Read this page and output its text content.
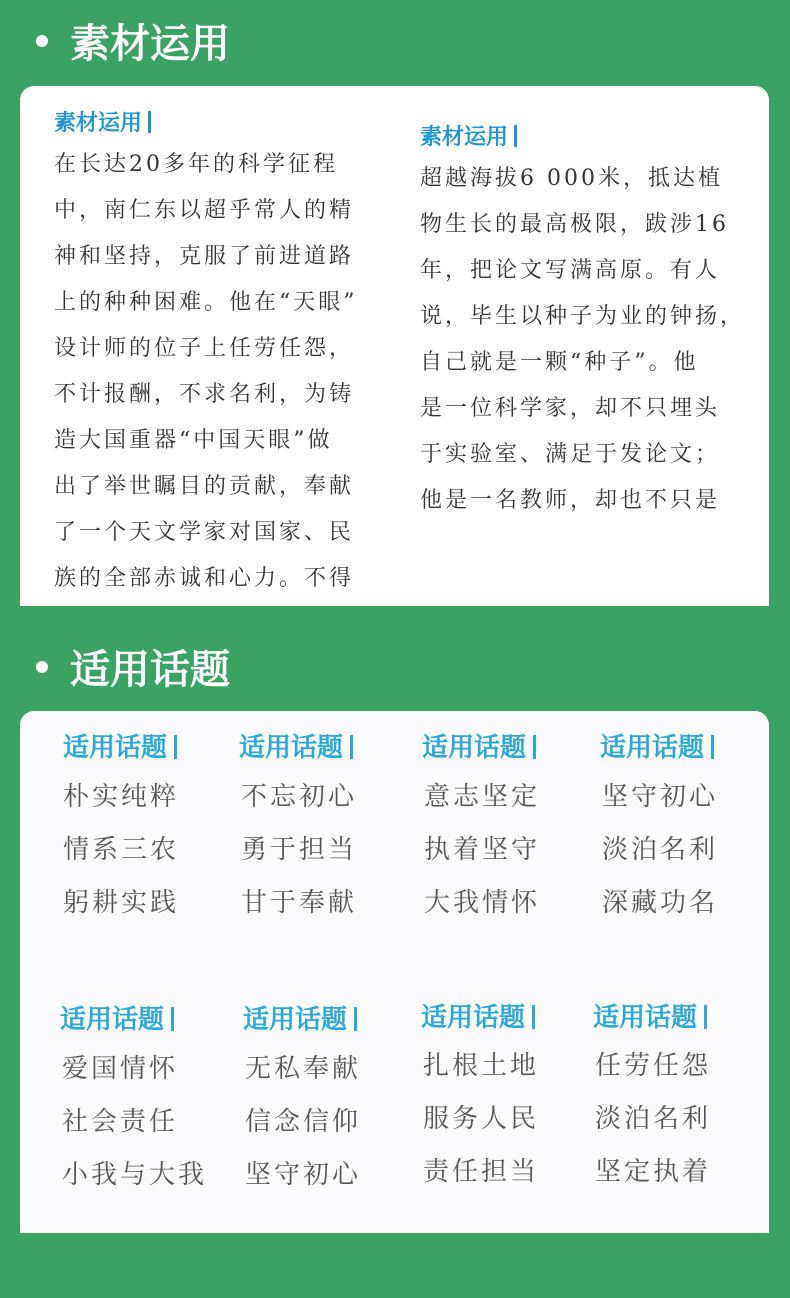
素材运用
素材运用
在长达20多年的科学征程
中，南仁东以超乎常人的精
神和坚持，克服了前进道路
上的种种困难。他在“天眼”
设计师的位子上任劳任怨，
不计报酬，不求名利，为铸
造大国重器“中国天眼”做
出了举世瞩目的贡献，奉献
了一个天文学家对国家、民
族的全部赤诚和心力。不得
素材运用
超越海拔6 000米，抵达植
物生长的最高极限，跋涉16
年，把论文写满高原。有人
说，毕生以种子为业的钟扬，
自己就是一颗“种子”。他
是一位科学家，却不只埋头
于实验室、满足于发论文；
他是一名教师，却也不只是
适用话题
适用话题
朴实纯粹
情系三农
躬耕实践
适用话题
不忘初心
勇于担当
甘于奉献
适用话题
意志坚定
执着坚守
大我情怀
适用话题
坚守初心
淡泊名利
深藏功名
适用话题
爱国情怀
社会责任
小我与大我
适用话题
无私奉献
信念信仰
坚守初心
适用话题
扎根土地
服务人民
责任担当
适用话题
任劳任怨
淡泊名利
坚定执着
